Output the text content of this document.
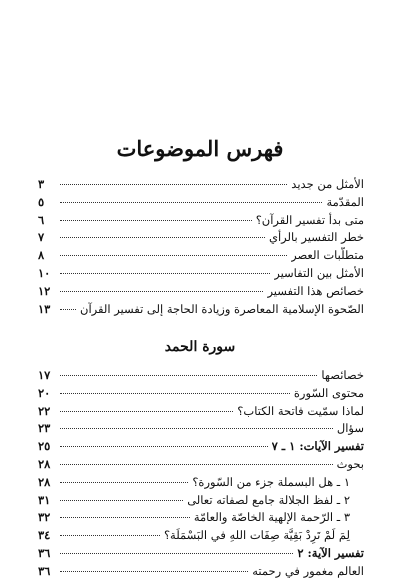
فهرس الموضوعات
الأمثل من جديد
٣
المقدّمة
٥
متى بدأ تفسير القرآن؟
٦
خطر التفسير بالرأي
٧
متطلّبات العصر
٨
الأمثل بين التفاسير
١٠
خصائص هذا التفسير
١٢
الصّحوة الإسلامية المعاصرة وزيادة الحاجة إلى تفسير القرآن
١٣
سورة الحمد
خصائصها
١٧
محتوى السّورة
٢٠
لماذا سمّيت فاتحة الكتاب؟
٢٢
سؤال
٢٣
تفسير الآيات: ١ ـ ٧
٢٥
بحوث
٢٨
١ ـ هل البسملة جزء من السّورة؟
٢٨
٢ ـ لفظ الجلالة جامع لصفاته تعالى
٣١
٣ ـ الرّحمة الإلهية الخاصّة والعامّة
٣٢
لِمَ لَمْ تَرِدْ بَقِيَّة صِفَات اللهِ في البَسْمَلَة؟
٣٤
تفسير الآية: ٢
٣٦
العالم مغمور في رحمته
٣٦
